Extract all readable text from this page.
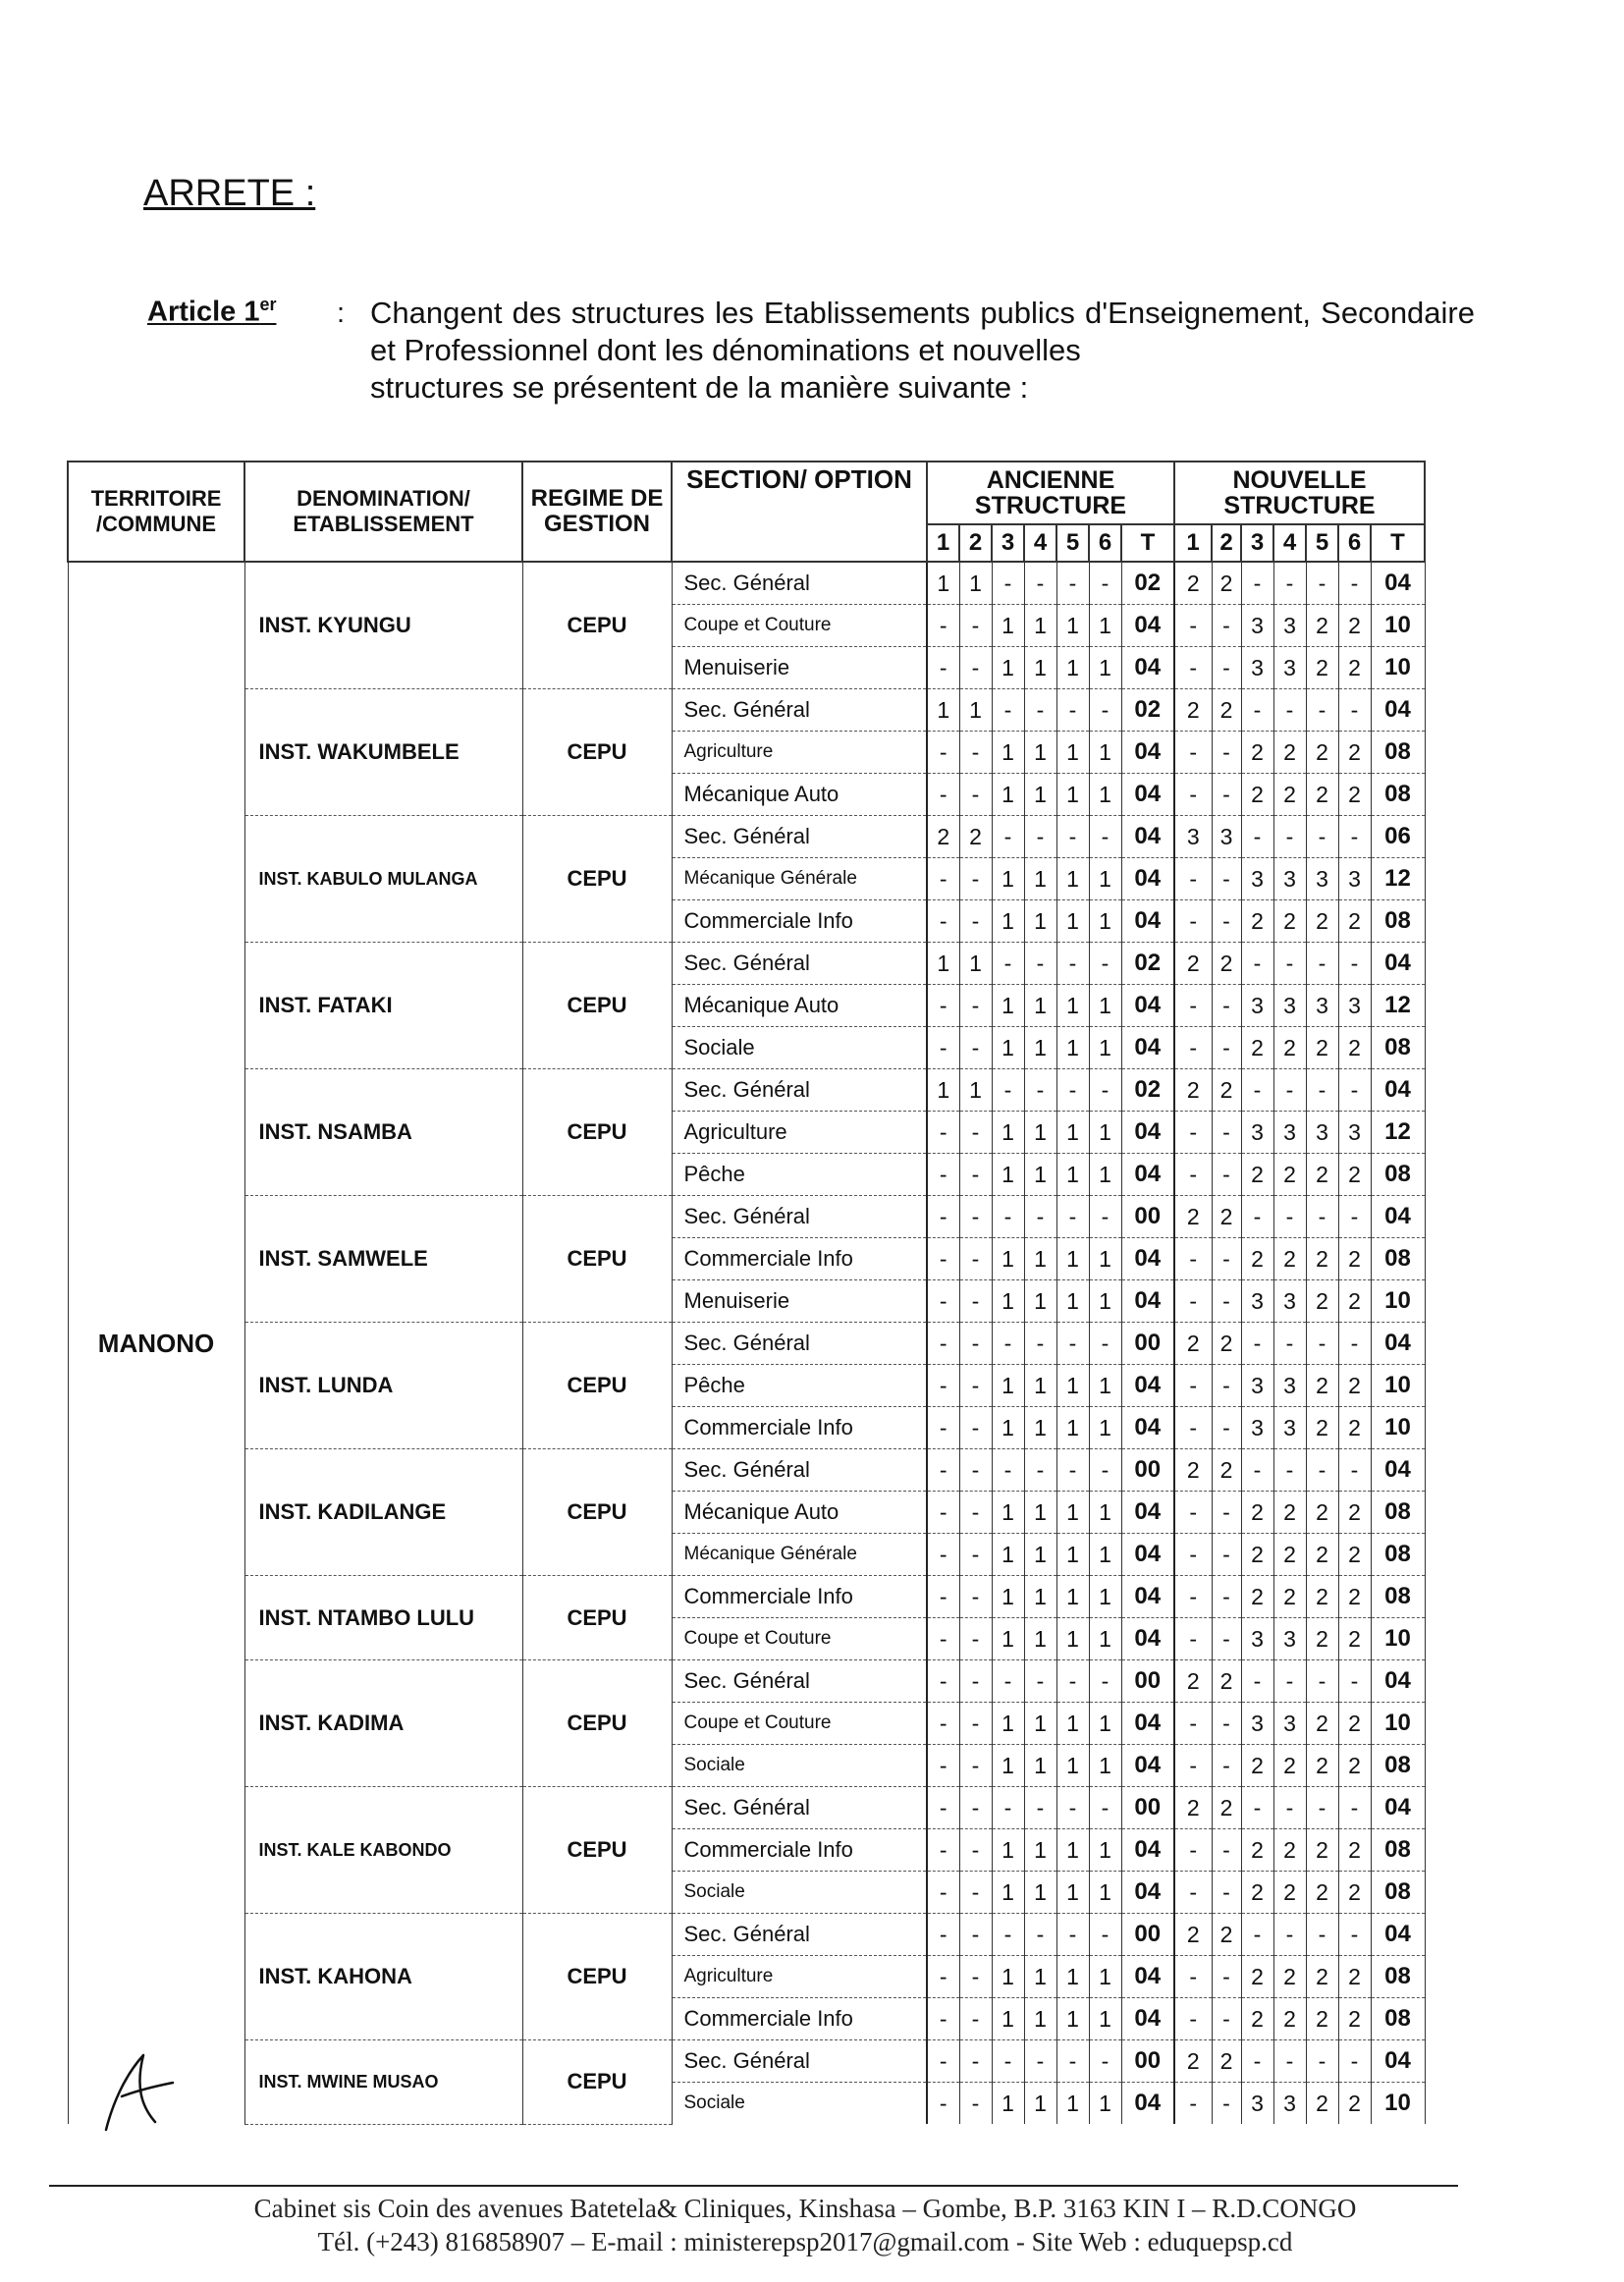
ARRETE :
Article 1er : Changent des structures les Etablissements publics d'Enseignement, Secondaire et Professionnel dont les dénominations et nouvelles
structures se présentent de la manière suivante :
TERRITOIRE /COMMUNE	DENOMINATION/ ETABLISSEMENT	REGIME DE GESTION	SECTION/ OPTION	ANCIENNE STRUCTURE							NOUVELLE STRUCTURE						
				1	2	3	4	5	6	T	1	2	3	4	5	6	T
MANONO	INST. KYUNGU	CEPU	Sec. Général	1	1	-	-	-	-	02	2	2	-	-	-	-	04
			Coupe et Couture	-	-	1	1	1	1	04	-	-	3	3	2	2	10
			Menuiserie	-	-	1	1	1	1	04	-	-	3	3	2	2	10
	INST. WAKUMBELE	CEPU	Sec. Général	1	1	-	-	-	-	02	2	2	-	-	-	-	04
			Agriculture	-	-	1	1	1	1	04	-	-	2	2	2	2	08
			Mécanique Auto	-	-	1	1	1	1	04	-	-	2	2	2	2	08
	INST. KABULO MULANGA	CEPU	Sec. Général	2	2	-	-	-	-	04	3	3	-	-	-	-	06
			Mécanique Générale	-	-	1	1	1	1	04	-	-	3	3	3	3	12
			Commerciale Info	-	-	1	1	1	1	04	-	-	2	2	2	2	08
	INST. FATAKI	CEPU	Sec. Général	1	1	-	-	-	-	02	2	2	-	-	-	-	04
			Mécanique Auto	-	-	1	1	1	1	04	-	-	3	3	3	3	12
			Sociale	-	-	1	1	1	1	04	-	-	2	2	2	2	08
	INST. NSAMBA	CEPU	Sec. Général	1	1	-	-	-	-	02	2	2	-	-	-	-	04
			Agriculture	-	-	1	1	1	1	04	-	-	3	3	3	3	12
			Pêche	-	-	1	1	1	1	04	-	-	2	2	2	2	08
	INST. SAMWELE	CEPU	Sec. Général	-	-	-	-	-	-	00	2	2	-	-	-	-	04
			Commerciale Info	-	-	1	1	1	1	04	-	-	2	2	2	2	08
			Menuiserie	-	-	1	1	1	1	04	-	-	3	3	2	2	10
	INST. LUNDA	CEPU	Sec. Général	-	-	-	-	-	-	00	2	2	-	-	-	-	04
			Pêche	-	-	1	1	1	1	04	-	-	3	3	2	2	10
			Commerciale Info	-	-	1	1	1	1	04	-	-	3	3	2	2	10
	INST. KADILANGE	CEPU	Sec. Général	-	-	-	-	-	-	00	2	2	-	-	-	-	04
			Mécanique Auto	-	-	1	1	1	1	04	-	-	2	2	2	2	08
			Mécanique Générale	-	-	1	1	1	1	04	-	-	2	2	2	2	08
	INST. NTAMBO LULU	CEPU	Commerciale Info	-	-	1	1	1	1	04	-	-	2	2	2	2	08
			Coupe et Couture	-	-	1	1	1	1	04	-	-	3	3	2	2	10
	INST. KADIMA	CEPU	Sec. Général	-	-	-	-	-	-	00	2	2	-	-	-	-	04
			Coupe et Couture	-	-	1	1	1	1	04	-	-	3	3	2	2	10
			Sociale	-	-	1	1	1	1	04	-	-	2	2	2	2	08
	INST. KALE KABONDO	CEPU	Sec. Général	-	-	-	-	-	-	00	2	2	-	-	-	-	04
			Commerciale Info	-	-	1	1	1	1	04	-	-	2	2	2	2	08
			Sociale	-	-	1	1	1	1	04	-	-	2	2	2	2	08
	INST. KAHONA	CEPU	Sec. Général	-	-	-	-	-	-	00	2	2	-	-	-	-	04
			Agriculture	-	-	1	1	1	1	04	-	-	2	2	2	2	08
			Commerciale Info	-	-	1	1	1	1	04	-	-	2	2	2	2	08
	INST. MWINE MUSAO	CEPU	Sec. Général	-	-	-	-	-	-	00	2	2	-	-	-	-	04
			Sociale	-	-	1	1	1	1	04	-	-	3	3	2	2	10
Cabinet sis Coin des avenues Batetela& Cliniques, Kinshasa – Gombe, B.P. 3163 KIN I – R.D.CONGO
Tél. (+243) 816858907 – E-mail : ministerepsp2017@gmail.com - Site Web : eduquepsp.cd
